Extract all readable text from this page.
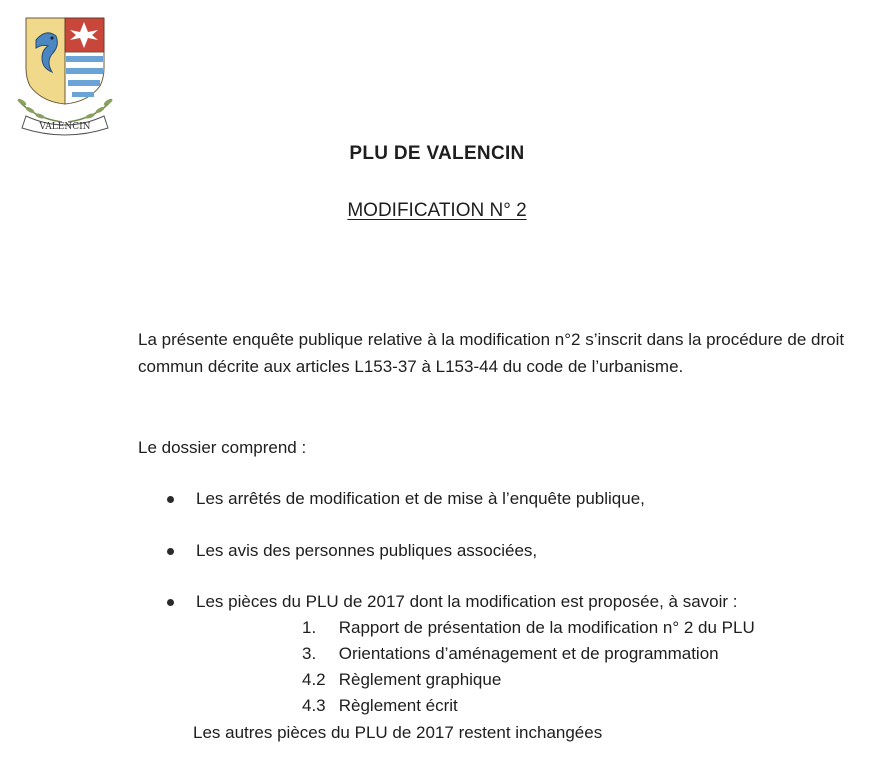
VALENCIN
PLU DE VALENCIN
MODIFICATION N° 2

La présente enquête publique relative à la modification n°2 s’inscrit dans la procédure de droit commun décrite aux articles L153-37 à L153-44 du code de l’urbanisme.

Le dossier comprend :

Les arrêtés de modification et de mise à l’enquête publique,

Les avis des personnes publiques associées,

Les pièces du PLU de 2017 dont la modification est proposée, à savoir :

1. Rapport de présentation de la modification n° 2 du PLU

3. Orientations d’aménagement et de programmation

4.2 Règlement graphique

4.3 Règlement écrit

Les autres pièces du PLU de 2017 restent inchangées
